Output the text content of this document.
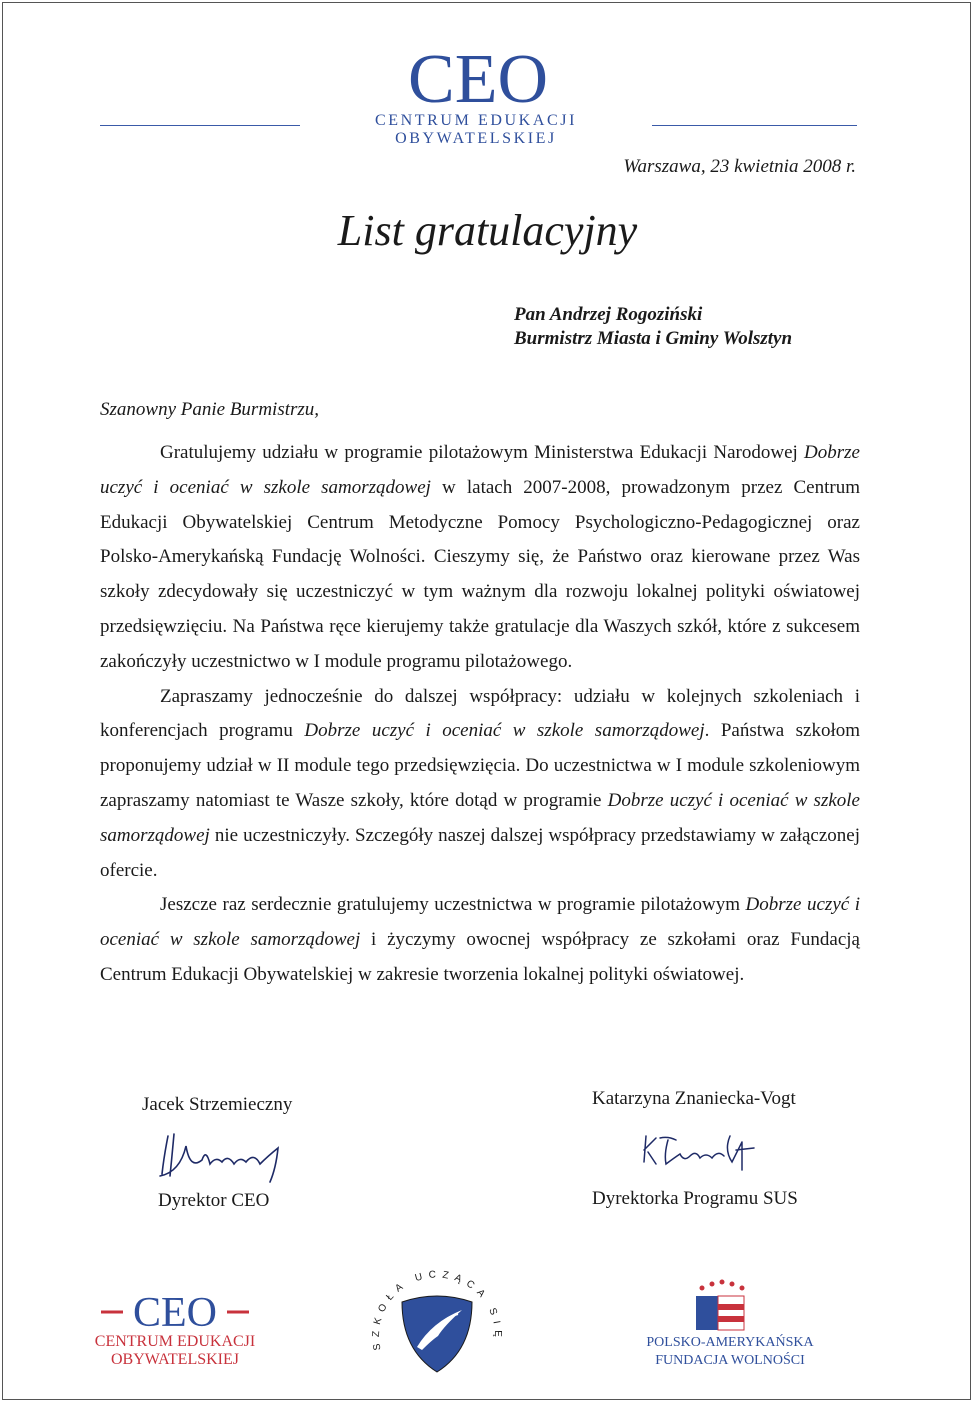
CEO
CENTRUM EDUKACJI OBYWATELSKIEJ
Warszawa, 23 kwietnia 2008 r.
List gratulacyjny
Pan Andrzej Rogoziński
Burmistrz Miasta i Gminy Wolsztyn
Szanowny Panie Burmistrzu,

Gratulujemy udziału w programie pilotażowym Ministerstwa Edukacji Narodowej Dobrze uczyć i oceniać w szkole samorządowej w latach 2007-2008, prowadzonym przez Centrum Edukacji Obywatelskiej Centrum Metodyczne Pomocy Psychologiczno-Pedagogicznej oraz Polsko-Amerykańską Fundację Wolności. Cieszymy się, że Państwo oraz kierowane przez Was szkoły zdecydowały się uczestniczyć w tym ważnym dla rozwoju lokalnej polityki oświatowej przedsięwzięciu. Na Państwa ręce kierujemy także gratulacje dla Waszych szkół, które z sukcesem zakończyły uczestnictwo w I module programu pilotażowego.

Zapraszamy jednocześnie do dalszej współpracy: udziału w kolejnych szkoleniach i konferencjach programu Dobrze uczyć i oceniać w szkole samorządowej. Państwa szkołom proponujemy udział w II module tego przedsięwzięcia. Do uczestnictwa w I module szkoleniowym zapraszamy natomiast te Wasze szkoły, które dotąd w programie Dobrze uczyć i oceniać w szkole samorządowej nie uczestniczyły. Szczegóły naszej dalszej współpracy przedstawiamy w załączonej ofercie.

Jeszcze raz serdecznie gratulujemy uczestnictwa w programie pilotażowym Dobrze uczyć i oceniać w szkole samorządowej i życzymy owocnej współpracy ze szkołami oraz Fundacją Centrum Edukacji Obywatelskiej w zakresie tworzenia lokalnej polityki oświatowej.

Jacek Strzemieczny
Dyrektor CEO
Katarzyna Znaniecka-Vogt
Dyrektorka Programu SUS
CEO
CENTRUM EDUKACJI
OBYWATELSKIEJ
SZKOŁA UCZĄCA SIĘ	POLSKO-AMERYKAŃSKA
FUNDACJA WOLNOŚCI
